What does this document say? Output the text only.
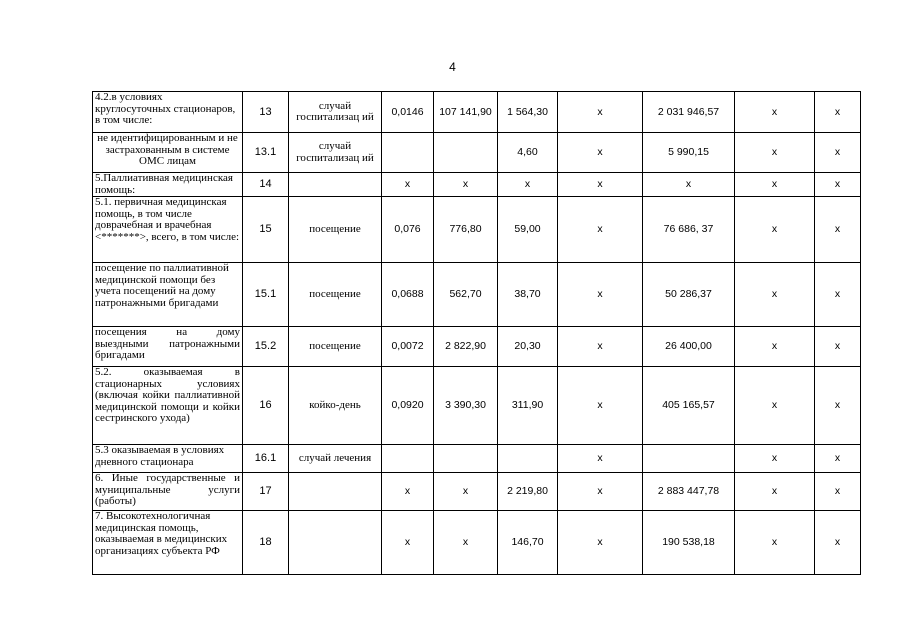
4
4.2.в условиях круглосуточных стационаров, в том числе:	13	случай госпитализац ий	0,0146	107 141,90	1 564,30	х	2 031 946,57	х	х
не идентифицированным и не застрахованным в системе ОМС лицам	13.1	случай госпитализац ий			4,60	х	5 990,15	х	х
5.Паллиативная медицинская помощь:	14		х	х	х	х	х	х	х
5.1. первичная медицинская помощь, в том числе доврачебная и врачебная <*******>, всего, в том числе:	15	посещение	0,076	776,80	59,00	х	76 686, 37	х	х
посещение по паллиативной медицинской помощи без учета посещений на дому патронажными бригадами	15.1	посещение	0,0688	562,70	38,70	х	50 286,37	х	х
посещения на дому выездными патронажными бригадами	15.2	посещение	0,0072	2 822,90	20,30	х	26 400,00	х	х
5.2. оказываемая в стационарных условиях (включая койки паллиативной медицинской помощи и койки сестринского ухода)	16	койко-день	0,0920	3 390,30	311,90	х	405 165,57	х	х
5.3 оказываемая в условиях дневного стационара	16.1	случай лечения				х		х	х
6. Иные государственные и муниципальные услуги (работы)	17		х	х	2 219,80	х	2 883 447,78	х	х
7. Высокотехнологичная медицинская помощь, оказываемая в медицинских организациях субъекта РФ	18		х	х	146,70	х	190 538,18	х	х
